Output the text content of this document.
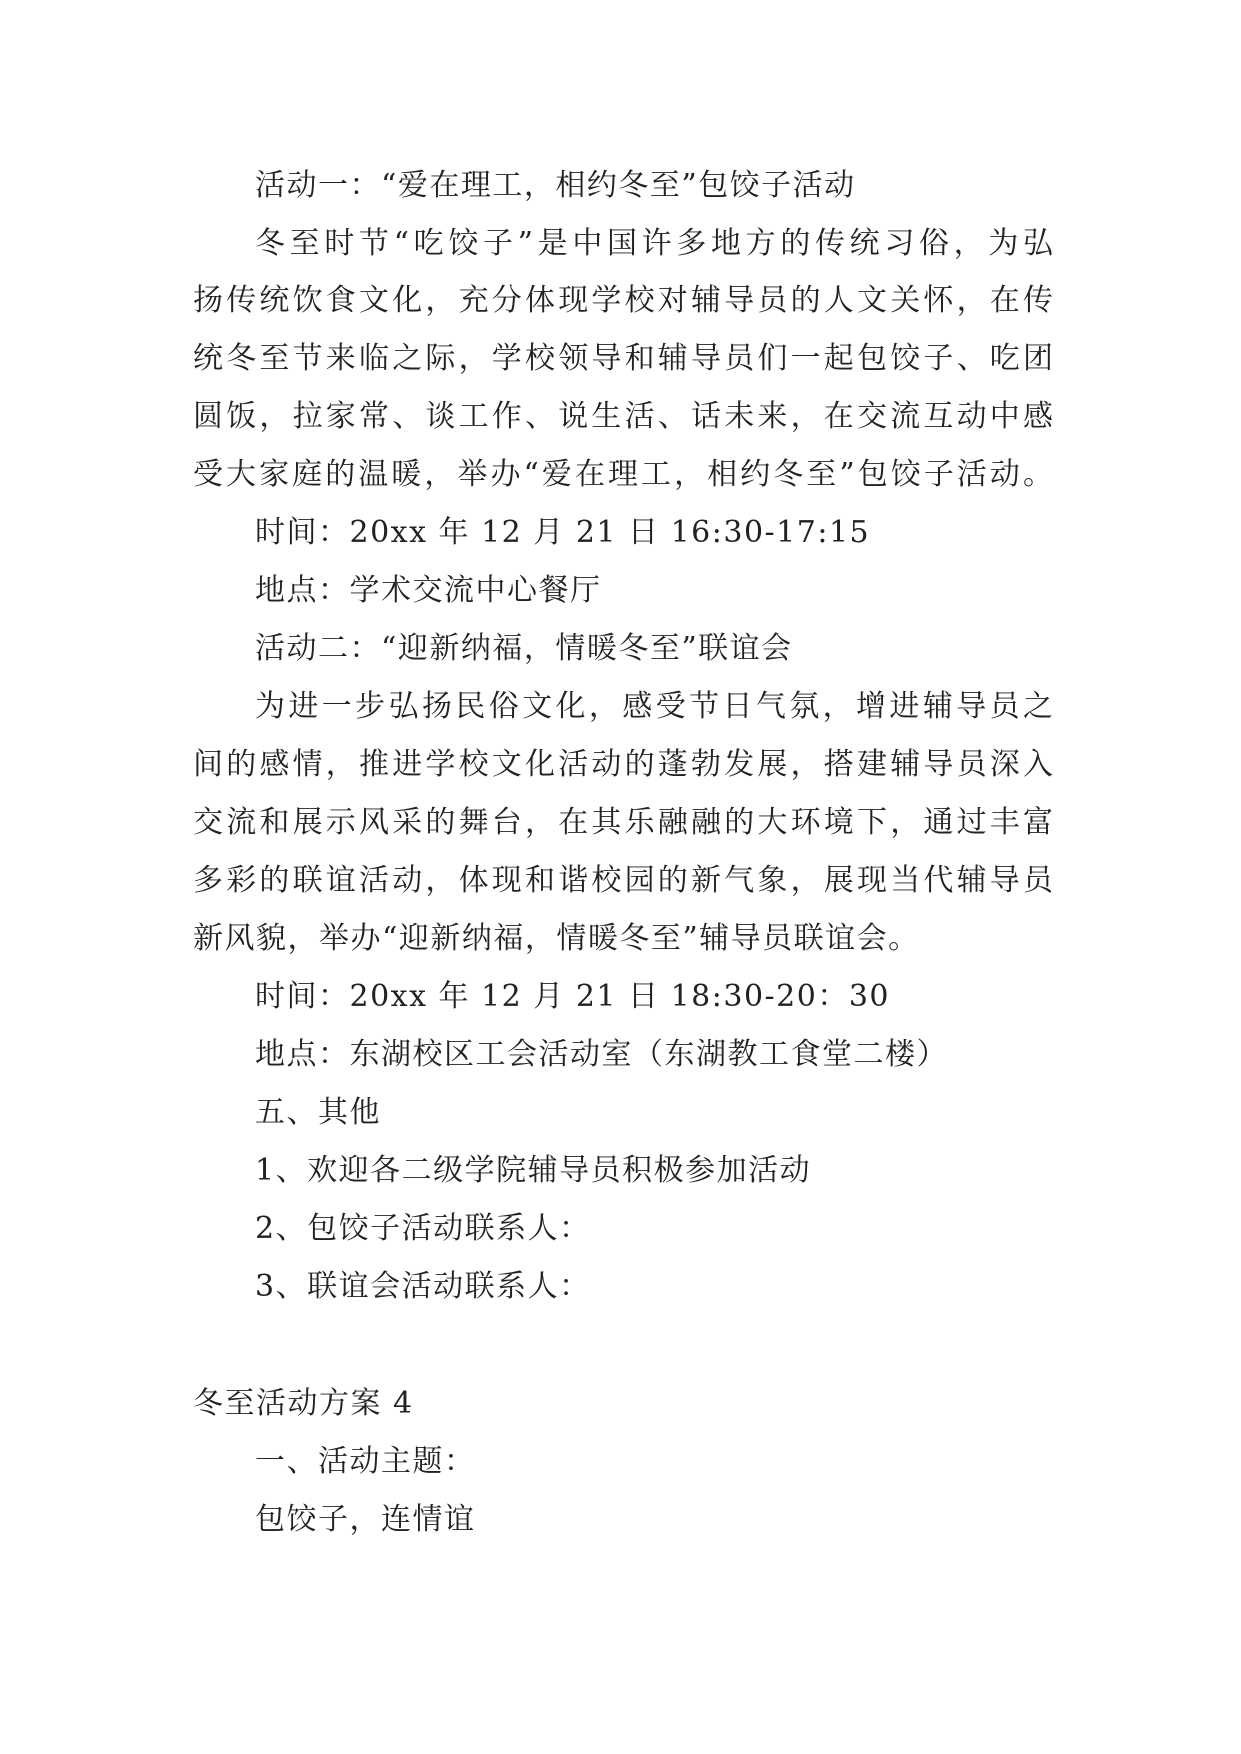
活动一：“爱在理工，相约冬至”包饺子活动
冬至时节“吃饺子”是中国许多地方的传统习俗，为弘
扬传统饮食文化，充分体现学校对辅导员的人文关怀，在传
统冬至节来临之际，学校领导和辅导员们一起包饺子、吃团
圆饭，拉家常、谈工作、说生活、话未来，在交流互动中感
受大家庭的温暖，举办“爱在理工，相约冬至”包饺子活动。
时间：20xx 年 12 月 21 日 16:30-17:15
地点：学术交流中心餐厅
活动二：“迎新纳福，情暖冬至”联谊会
为进一步弘扬民俗文化，感受节日气氛，增进辅导员之
间的感情，推进学校文化活动的蓬勃发展，搭建辅导员深入
交流和展示风采的舞台，在其乐融融的大环境下，通过丰富
多彩的联谊活动，体现和谐校园的新气象，展现当代辅导员
新风貌，举办“迎新纳福，情暖冬至”辅导员联谊会。
时间：20xx 年 12 月 21 日 18:30-20：30
地点：东湖校区工会活动室（东湖教工食堂二楼）
五、其他
1、欢迎各二级学院辅导员积极参加活动
2、包饺子活动联系人：
3、联谊会活动联系人：
冬至活动方案 4
一、活动主题：
包饺子，连情谊
